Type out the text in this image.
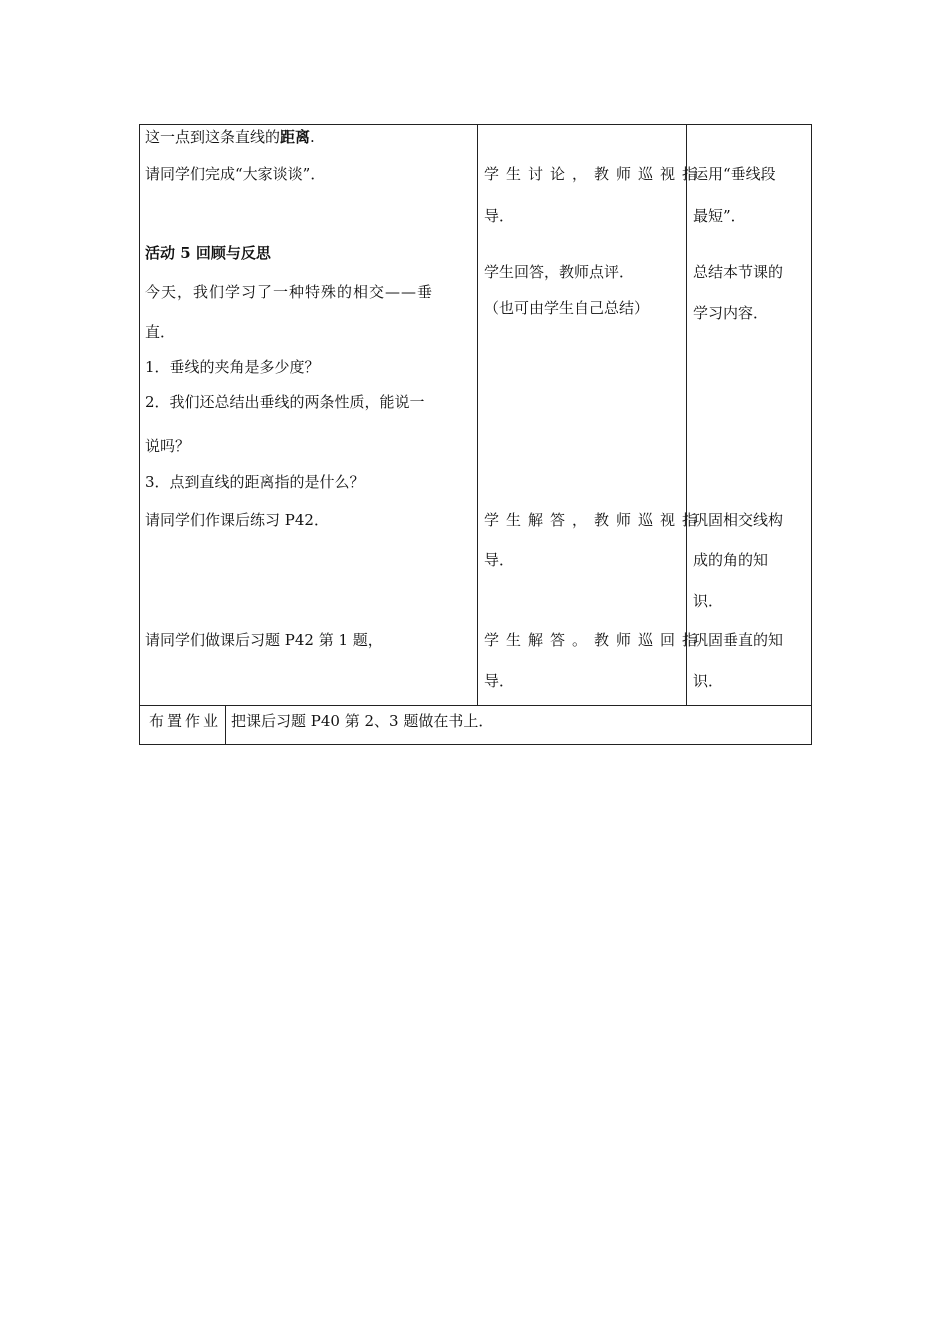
这一点到这条直线的距离.
请同学们完成“大家谈谈”．
活动 5 回顾与反思
今天，我们学习了一种特殊的相交——垂
直．
1．垂线的夹角是多少度？
2．我们还总结出垂线的两条性质，能说一
说吗？
3．点到直线的距离指的是什么？
请同学们作课后练习 P42．
请同学们做课后习题 P42 第 1 题，
学生讨论，教师巡视指
导．
学生回答，教师点评．
（也可由学生自己总结）
学生解答，教师巡视指
导．
学生解答。教师巡回指
导．
运用“垂线段
最短”．
总结本节课的
学习内容．
巩固相交线构
成的角的知
识．
巩固垂直的知
识．
布置作业 把课后习题 P40 第 2、3 题做在书上．
